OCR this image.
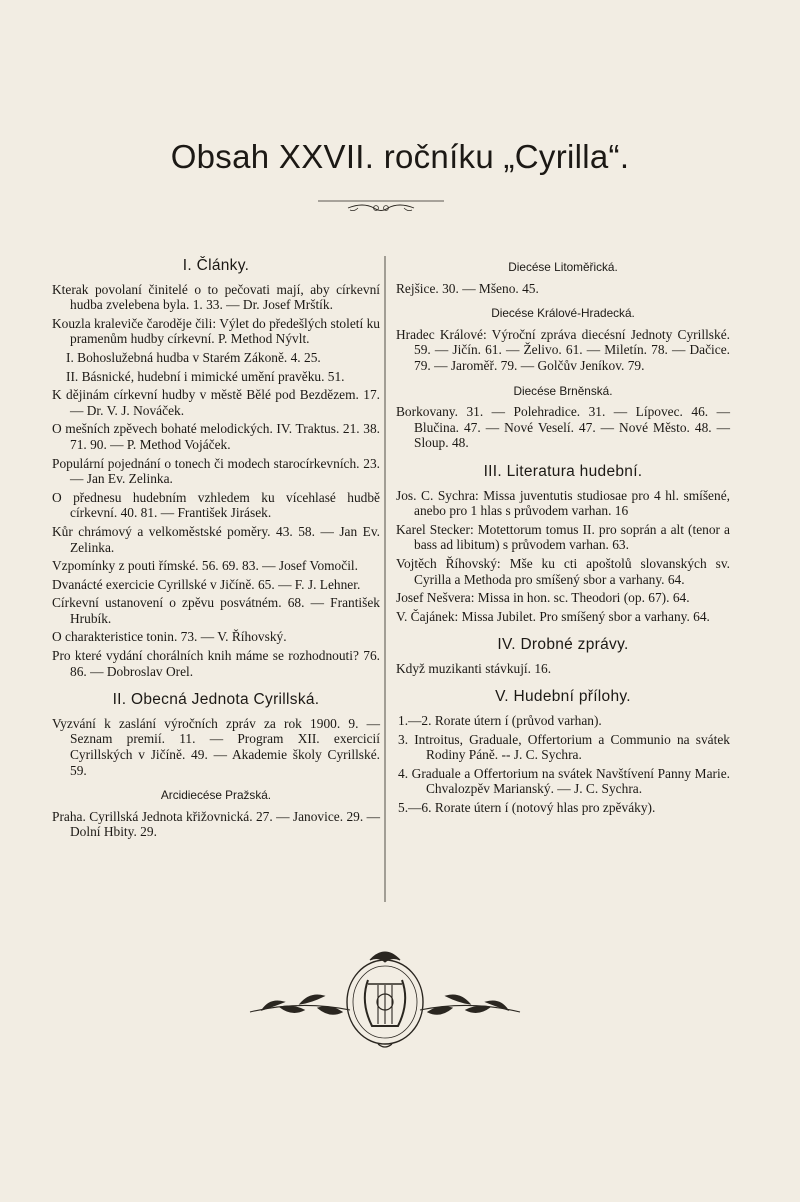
Obsah XXVII. ročníku „Cyrilla“.
I. Články.
Kterak povolaní činitelé o to pečovati mají, aby církevní hudba zvelebena byla. 1. 33. — Dr. Josef Mrštík.
Kouzla kraleviče čaroděje čili: Výlet do předešlých století ku pramenům hudby církevní. P. Method Nývlt.
I. Bohoslužebná hudba v Starém Zákoně. 4. 25.
II. Básnické, hudební i mimické umění pravěku. 51.
K dějinám církevní hudby v městě Bělé pod Bezdězem. 17. — Dr. V. J. Nováček.
O mešních zpěvech bohaté melodických. IV. Traktus. 21. 38. 71. 90. — P. Method Vojáček.
Populární pojednání o tonech či modech starocírkevních. 23. — Jan Ev. Zelinka.
O přednesu hudebním vzhledem ku vícehlasé hudbě církevní. 40. 81. — František Jirásek.
Kůr chrámový a velkoměstské poměry. 43. 58. — Jan Ev. Zelinka.
Vzpomínky z pouti římské. 56. 69. 83. — Josef Vomočil.
Dvanácté exercicie Cyrillské v Jičíně. 65. — F. J. Lehner.
Církevní ustanovení o zpěvu posvátném. 68. — František Hrubík.
O charakteristice tonin. 73. — V. Říhovský.
Pro které vydání chorálních knih máme se rozhodnouti? 76. 86. — Dobroslav Orel.
II. Obecná Jednota Cyrillská.
Vyzvání k zaslání výročních zpráv za rok 1900. 9. — Seznam premií. 11. — Program XII. exercicií Cyrillských v Jičíně. 49. — Akademie školy Cyrillské. 59.
Arcidiecése Pražská.
Praha. Cyrillská Jednota křižovnická. 27. — Janovice. 29. — Dolní Hbity. 29.
Diecése Litoměřická.
Rejšice. 30. — Mšeno. 45.
Diecése Králové-Hradecká.
Hradec Králové: Výroční zpráva diecésní Jednoty Cyrillské. 59. — Jičín. 61. — Želivo. 61. — Miletín. 78. — Dačice. 79. — Jaroměř. 79. — Golčův Jeníkov. 79.
Diecése Brněnská.
Borkovany. 31. — Polehradice. 31. — Lípovec. 46. — Blučina. 47. — Nové Veselí. 47. — Nové Město. 48. — Sloup. 48.
III. Literatura hudební.
Jos. C. Sychra: Missa juventutis studiosae pro 4 hl. smíšené, anebo pro 1 hlas s průvodem varhan. 16
Karel Stecker: Motettorum tomus II. pro soprán a alt (tenor a bass ad libitum) s průvodem varhan. 63.
Vojtěch Říhovský: Mše ku cti apoštolů slovanských sv. Cyrilla a Methoda pro smíšený sbor a varhany. 64.
Josef Nešvera: Missa in hon. sc. Theodori (op. 67). 64.
V. Čajánek: Missa Jubilet. Pro smíšený sbor a varhany. 64.
IV. Drobné zprávy.
Když muzikanti stávkují. 16.
V. Hudební přílohy.
1.—2. Rorate útern í (průvod varhan).
3. Introitus, Graduale, Offertorium a Communio na svátek Rodiny Páně. -- J. C. Sychra.
4. Graduale a Offertorium na svátek Navštívení Panny Marie. Chvalozpěv Marianský. — J. C. Sychra.
5.—6. Rorate útern í (notový hlas pro zpěváky).
